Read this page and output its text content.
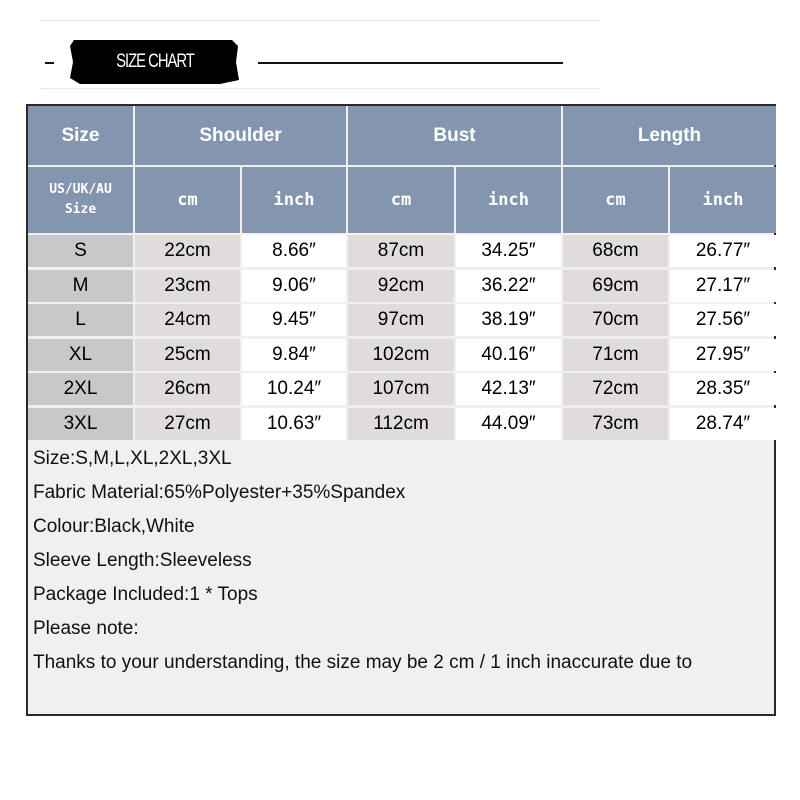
SIZE CHART
Size	Shoulder	Bust	Length
US/UK/AU
Size	cm	inch	cm	inch	cm	inch
S	22cm	8.66″	87cm	34.25″	68cm	26.77″
M	23cm	9.06″	92cm	36.22″	69cm	27.17″
L	24cm	9.45″	97cm	38.19″	70cm	27.56″
XL	25cm	9.84″	102cm	40.16″	71cm	27.95″
2XL	26cm	10.24″	107cm	42.13″	72cm	28.35″
3XL	27cm	10.63″	112cm	44.09″	73cm	28.74″
Size:S,M,L,XL,2XL,3XL
Fabric Material:65%Polyester+35%Spandex
Colour:Black,White
Sleeve Length:Sleeveless
Package Included:1 * Tops
Please note:
Thanks to your understanding, the size may be 2 cm / 1 inch inaccurate due to
